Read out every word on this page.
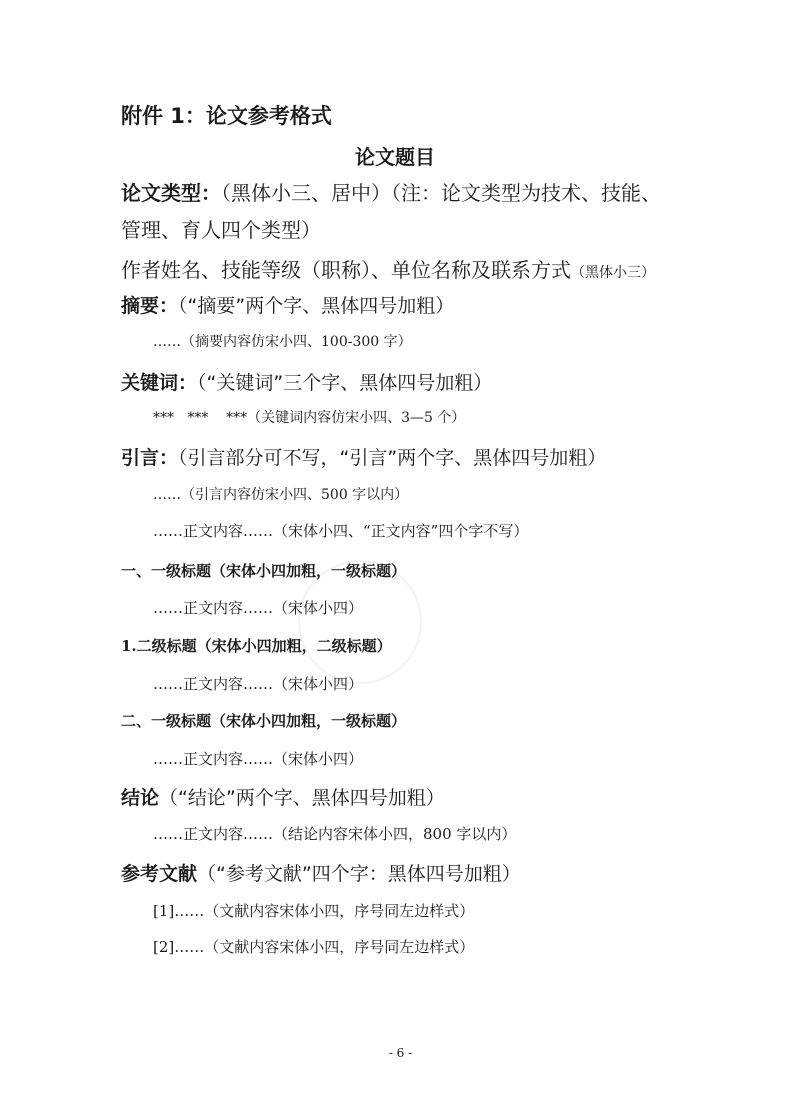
附件 1：论文参考格式
论文题目
论文类型：（黑体小三、居中）（注：论文类型为技术、技能、
管理、育人四个类型）
作者姓名、技能等级（职称）、单位名称及联系方式（黑体小三）
摘要：（“摘要”两个字、黑体四号加粗）
……（摘要内容仿宋小四、100-300 字）
关键词：（“关键词”三个字、黑体四号加粗）
***   ***    ***（关键词内容仿宋小四、3—5 个）
引言：（引言部分可不写，“引言”两个字、黑体四号加粗）
……（引言内容仿宋小四、500 字以内）
……正文内容……（宋体小四、“正文内容”四个字不写）
一、一级标题（宋体小四加粗，一级标题）
……正文内容……（宋体小四）
1.二级标题（宋体小四加粗，二级标题）
……正文内容……（宋体小四）
二、一级标题（宋体小四加粗，一级标题）
……正文内容……（宋体小四）
结论（“结论”两个字、黑体四号加粗）
……正文内容……（结论内容宋体小四，800 字以内）
参考文献（“参考文献”四个字：黑体四号加粗）
[1]……（文献内容宋体小四，序号同左边样式）
[2]……（文献内容宋体小四，序号同左边样式）
- 6 -
